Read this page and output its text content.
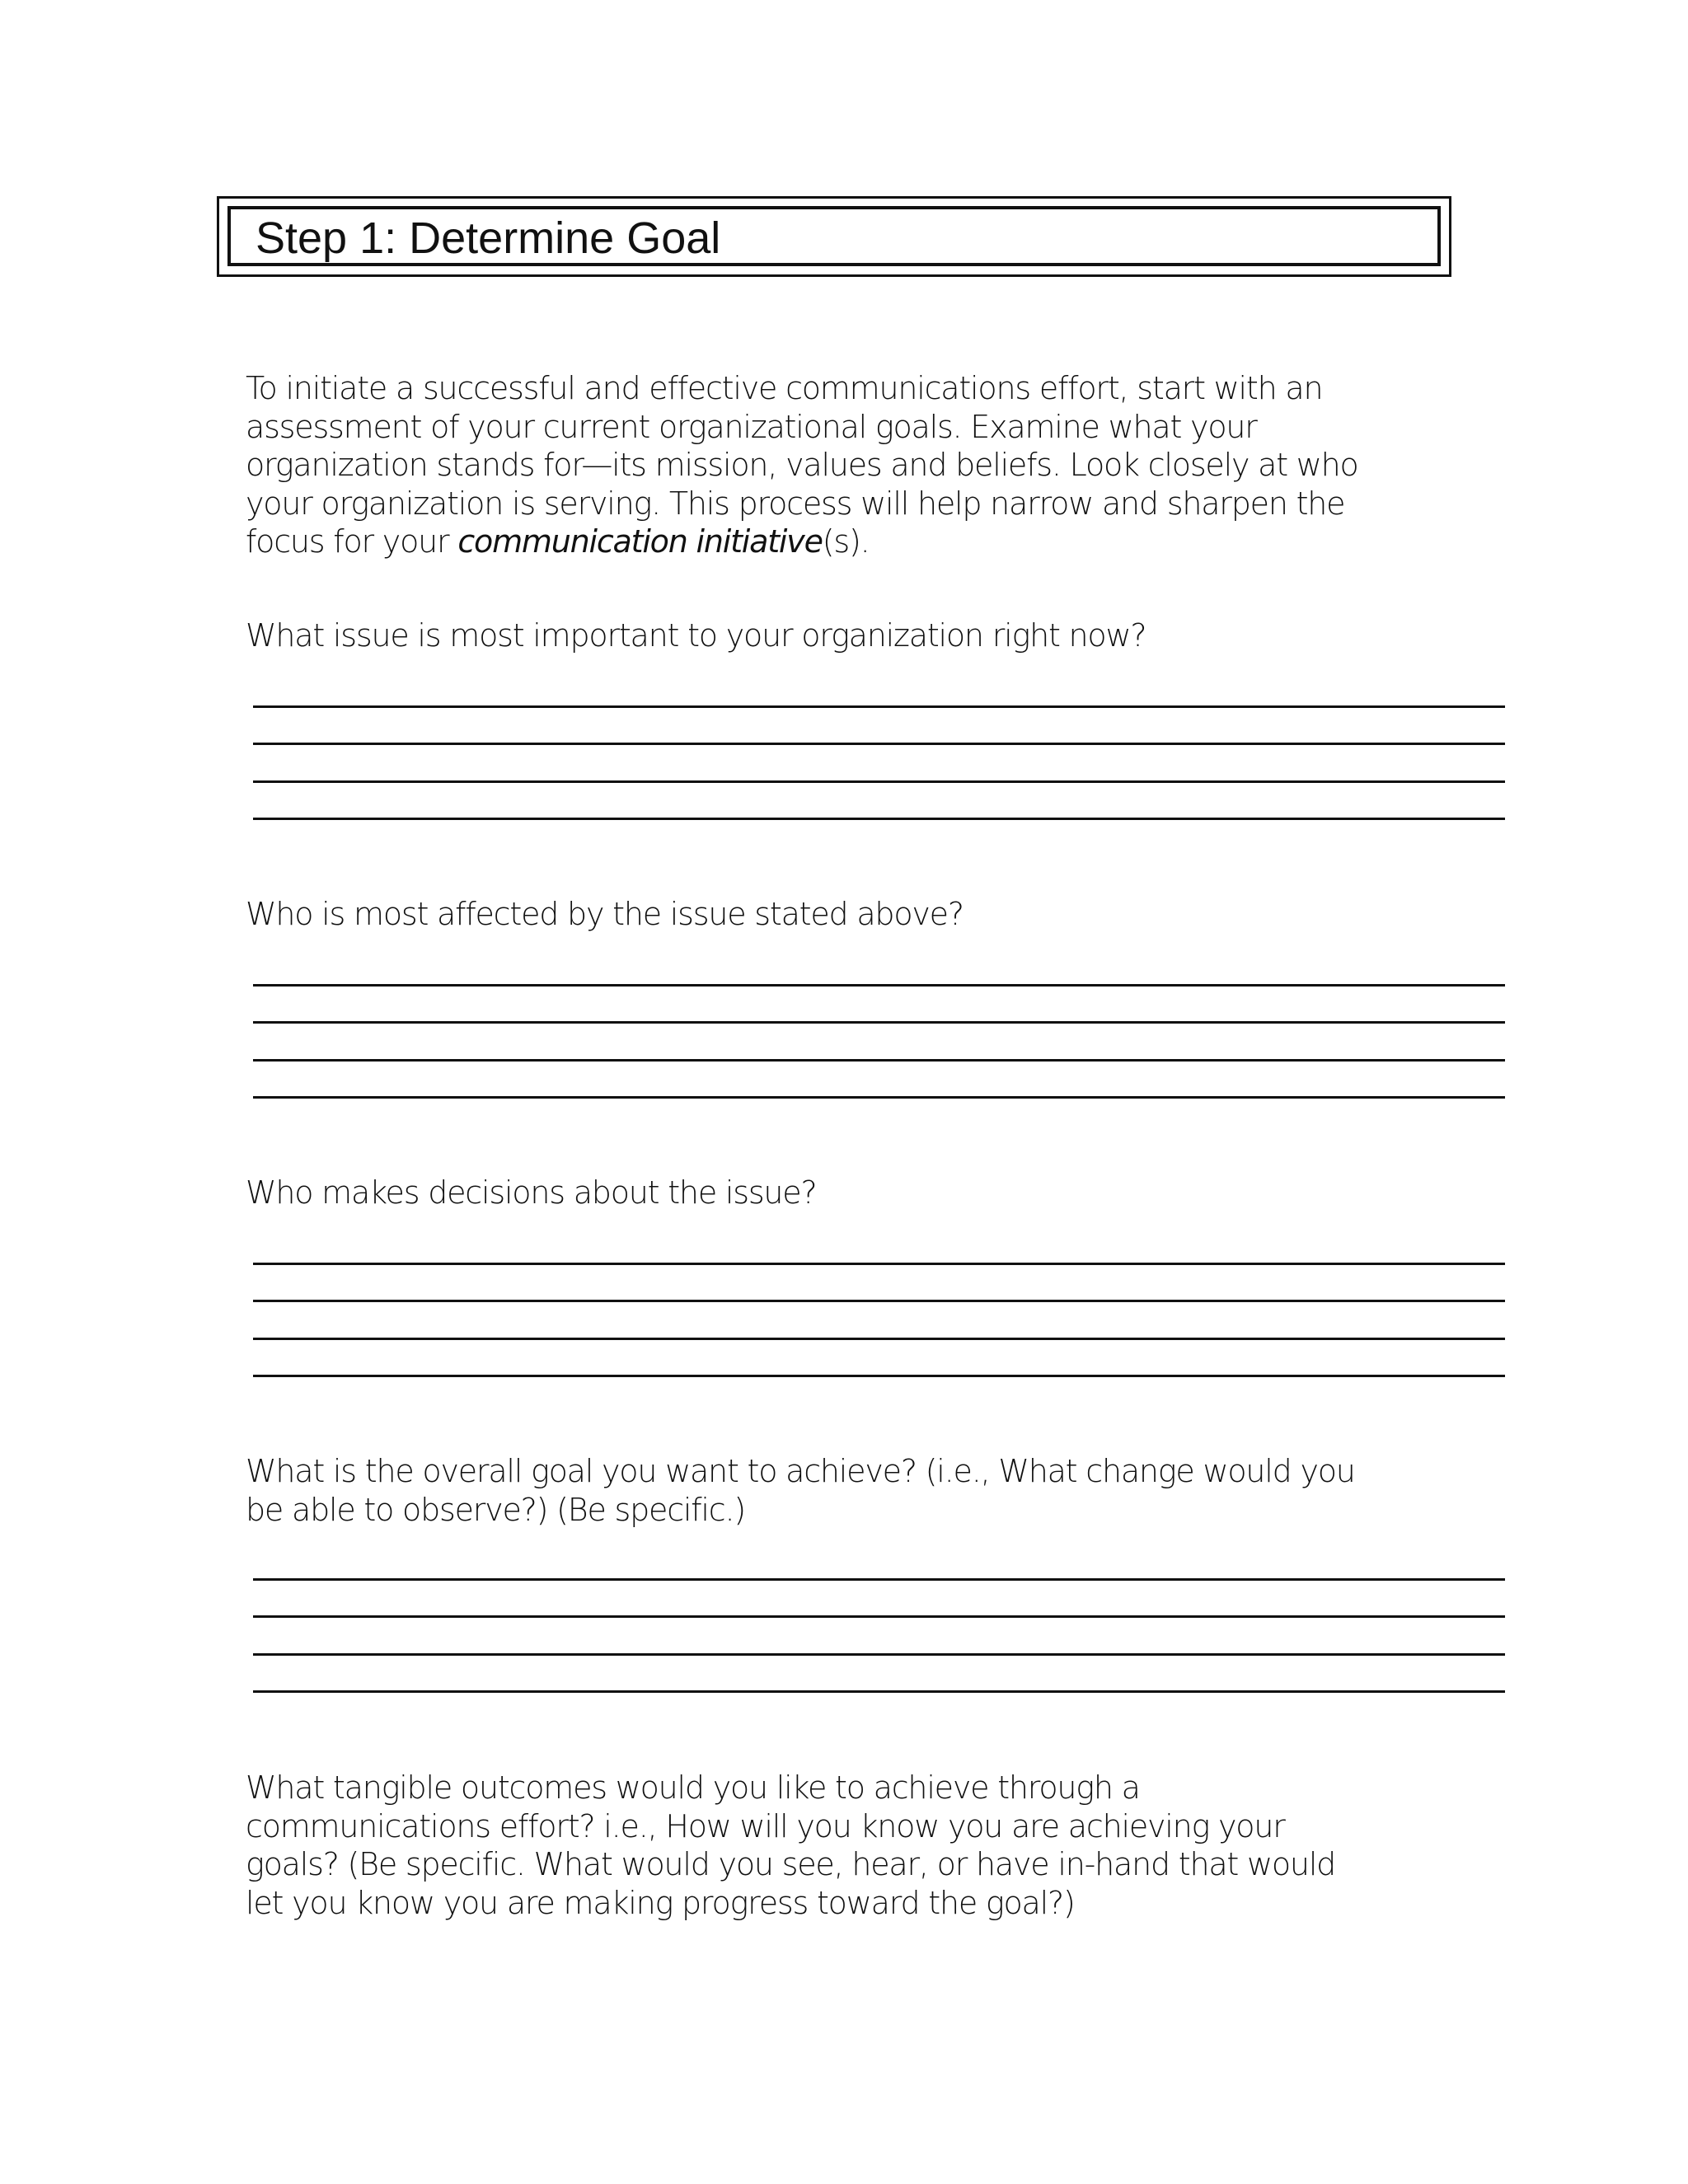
Step 1: Determine Goal

To initiate a successful and effective communications effort, start with an
assessment of your current organizational goals. Examine what your
organization stands for—its mission, values and beliefs. Look closely at who
your organization is serving. This process will help narrow and sharpen the
focus for your communication initiative(s).

What issue is most important to your organization right now?

Who is most affected by the issue stated above?

Who makes decisions about the issue?

What is the overall goal you want to achieve? (i.e., What change would you
be able to observe?) (Be specific.)

What tangible outcomes would you like to achieve through a
communications effort? i.e., How will you know you are achieving your
goals? (Be specific. What would you see, hear, or have in-hand that would
let you know you are making progress toward the goal?)
